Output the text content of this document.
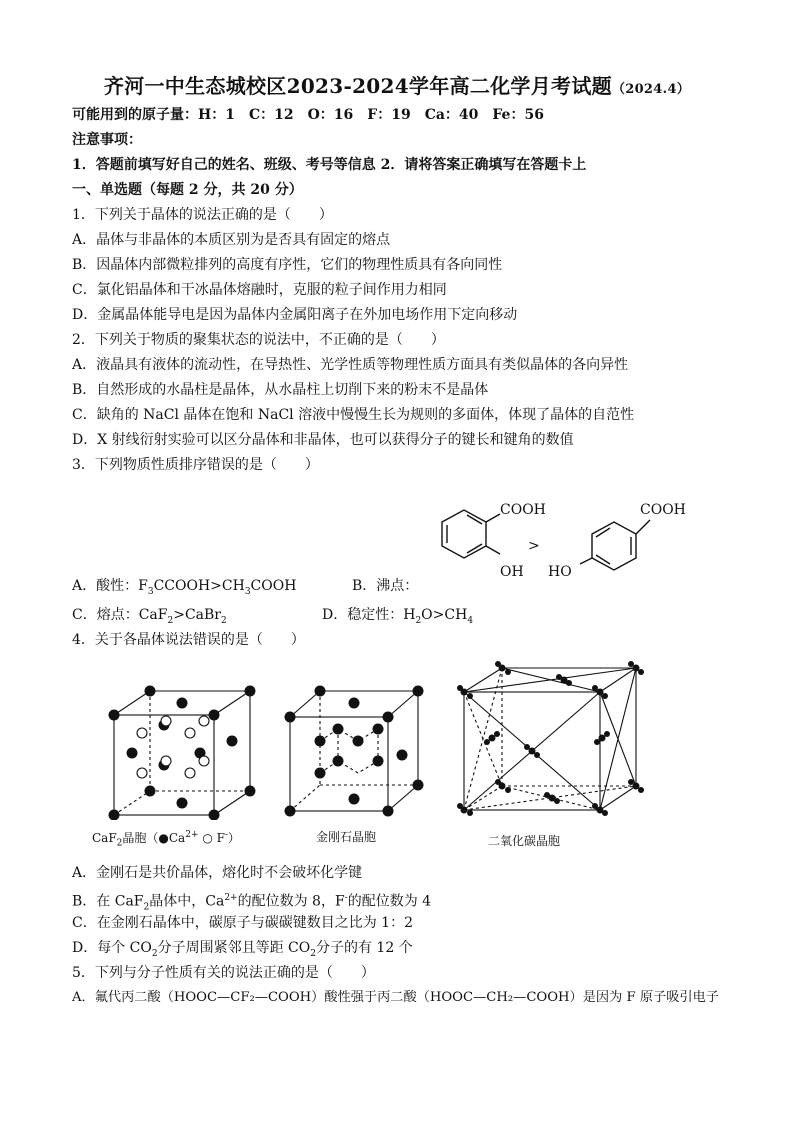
齐河一中生态城校区2023-2024学年高二化学月考试题（2024.4）
可能用到的原子量：H：1　C：12　O：16　F：19　Ca：40　Fe：56
注意事项：
1．答题前填写好自己的姓名、班级、考号等信息 2．请将答案正确填写在答题卡上
一、单选题（每题 2 分，共 20 分）
1．下列关于晶体的说法正确的是（　　）
A．晶体与非晶体的本质区别为是否具有固定的熔点
B．因晶体内部微粒排列的高度有序性，它们的物理性质具有各向同性
C．氯化铝晶体和干冰晶体熔融时，克服的粒子间作用力相同
D．金属晶体能导电是因为晶体内金属阳离子在外加电场作用下定向移动
2．下列关于物质的聚集状态的说法中，不正确的是（　　）
A．液晶具有液体的流动性，在导热性、光学性质等物理性质方面具有类似晶体的各向异性
B．自然形成的水晶柱是晶体，从水晶柱上切削下来的粉末不是晶体
C．缺角的 NaCl 晶体在饱和 NaCl 溶液中慢慢生长为规则的多面体，体现了晶体的自范性
D．X 射线衍射实验可以区分晶体和非晶体，也可以获得分子的键长和键角的数值
3．下列物质性质排序错误的是（　　）
COOH
OH
>
COOH
HO
A．酸性：$F_3CCOOH>CH_3COOH$	B．沸点：
C．熔点：CaF$_2$>CaBr$_2$	D．稳定性：$H_2O>CH_4$
4．关于各晶体说法错误的是（　　）
CaF$_2$晶胞（$●Ca^{2+}$ ○ F-）	金刚石晶胞	二氧化碳晶胞
A．金刚石是共价晶体，熔化时不会破坏化学键
B．在 CaF$_2$晶体中，$Ca^{2+}$的配位数为 8，F-的配位数为 4
C．在金刚石晶体中，碳原子与碳碳键数目之比为 1：2
D．每个 $CO_2$分子周围紧邻且等距 $CO_2$分子的有 12 个
5．下列与分子性质有关的说法正确的是（　　）
A．氟代丙二酸（HOOC—CF₂—COOH）酸性强于丙二酸（HOOC—CH₂—COOH）是因为 F 原子吸引电子
